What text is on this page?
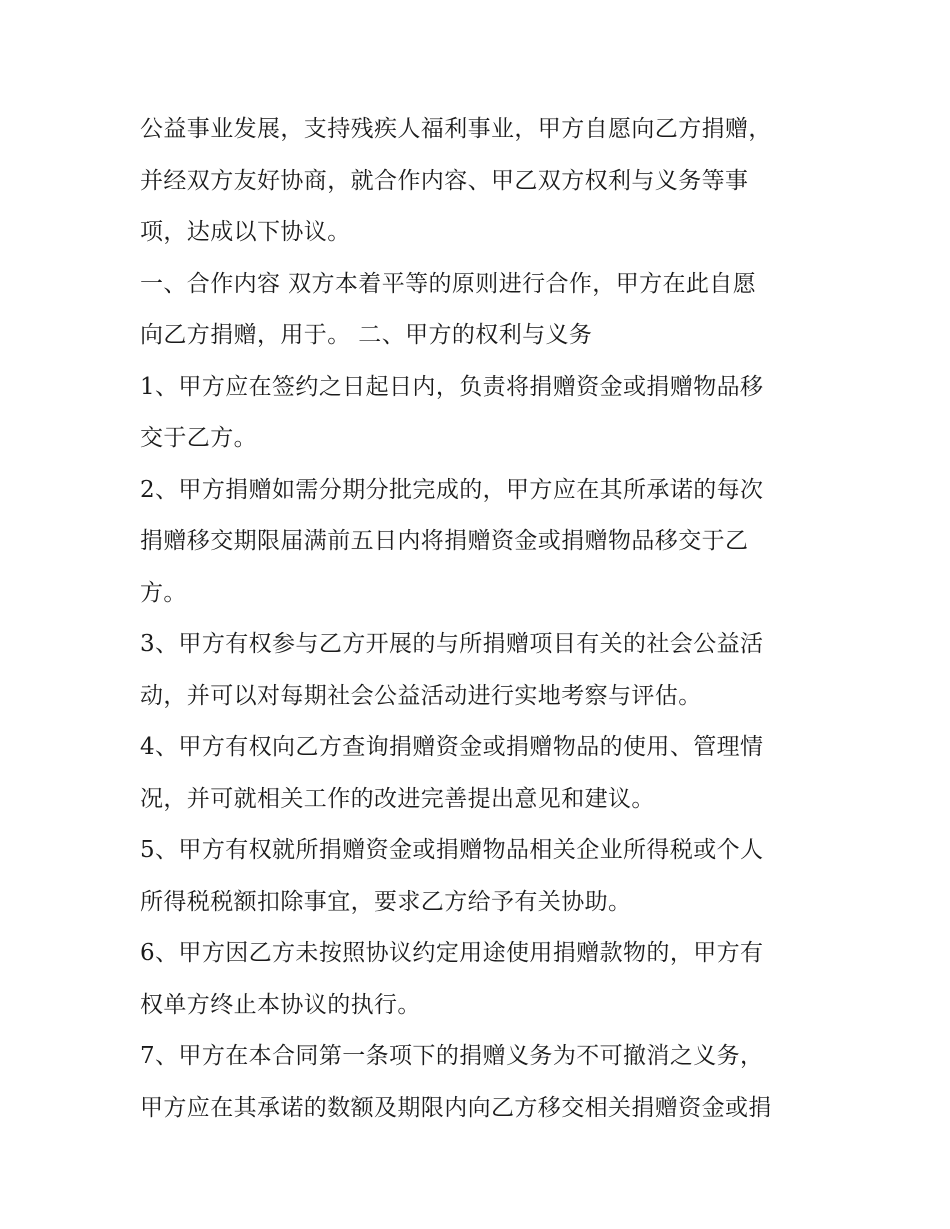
公益事业发展，支持残疾人福利事业，甲方自愿向乙方捐赠，
并经双方友好协商，就合作内容、甲乙双方权利与义务等事
项，达成以下协议。
一、合作内容 双方本着平等的原则进行合作，甲方在此自愿
向乙方捐赠，用于。 二、甲方的权利与义务
1、甲方应在签约之日起日内，负责将捐赠资金或捐赠物品移
交于乙方。
2、甲方捐赠如需分期分批完成的，甲方应在其所承诺的每次
捐赠移交期限届满前五日内将捐赠资金或捐赠物品移交于乙
方。
3、甲方有权参与乙方开展的与所捐赠项目有关的社会公益活
动，并可以对每期社会公益活动进行实地考察与评估。
4、甲方有权向乙方查询捐赠资金或捐赠物品的使用、管理情
况，并可就相关工作的改进完善提出意见和建议。
5、甲方有权就所捐赠资金或捐赠物品相关企业所得税或个人
所得税税额扣除事宜，要求乙方给予有关协助。
6、甲方因乙方未按照协议约定用途使用捐赠款物的，甲方有
权单方终止本协议的执行。
7、甲方在本合同第一条项下的捐赠义务为不可撤消之义务，
甲方应在其承诺的数额及期限内向乙方移交相关捐赠资金或捐
